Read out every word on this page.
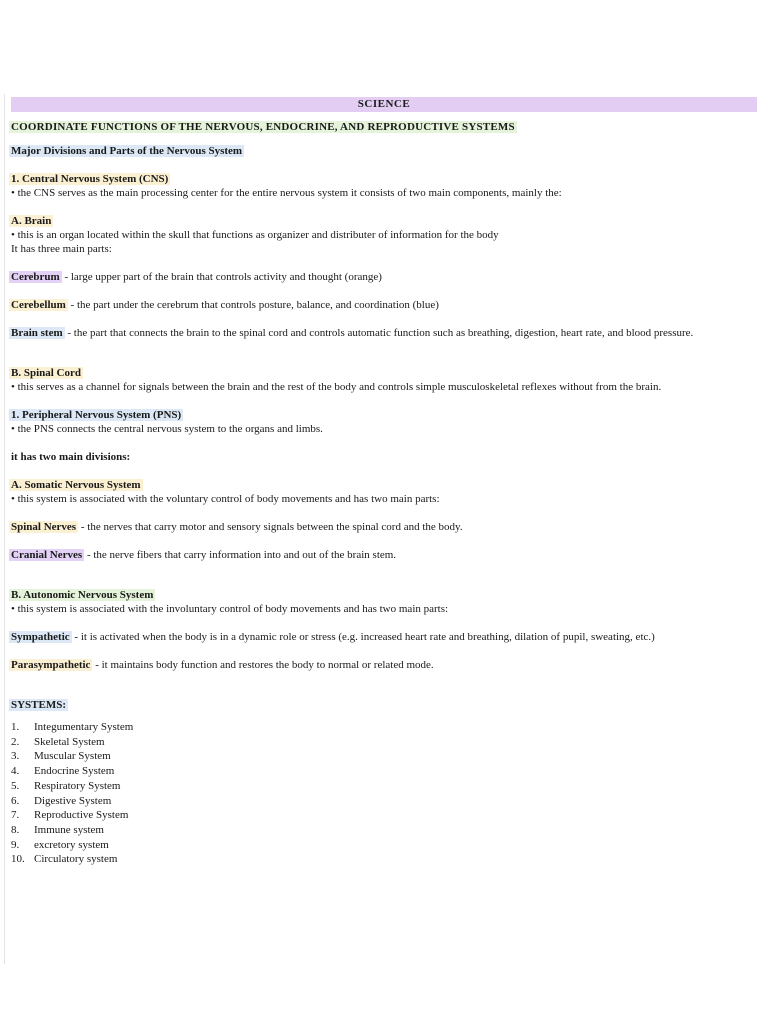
SCIENCE
COORDINATE FUNCTIONS OF THE NERVOUS, ENDOCRINE, AND REPRODUCTIVE SYSTEMS
Major Divisions and Parts of the Nervous System
1. Central Nervous System (CNS)
• the CNS serves as the main processing center for the entire nervous system it consists of two main components, mainly the:
A. Brain
• this is an organ located within the skull that functions as organizer and distributer of information for the body
It has three main parts:
Cerebrum - large upper part of the brain that controls activity and thought (orange)
Cerebellum - the part under the cerebrum that controls posture, balance, and coordination (blue)
Brain stem - the part that connects the brain to the spinal cord and controls automatic function such as breathing, digestion, heart rate, and blood pressure.
B. Spinal Cord
• this serves as a channel for signals between the brain and the rest of the body and controls simple musculoskeletal reflexes without from the brain.
1. Peripheral Nervous System (PNS)
• the PNS connects the central nervous system to the organs and limbs.
it has two main divisions:
A. Somatic Nervous System
• this system is associated with the voluntary control of body movements and has two main parts:
Spinal Nerves - the nerves that carry motor and sensory signals between the spinal cord and the body.
Cranial Nerves - the nerve fibers that carry information into and out of the brain stem.
B. Autonomic Nervous System
• this system is associated with the involuntary control of body movements and has two main parts:
Sympathetic - it is activated when the body is in a dynamic role or stress (e.g. increased heart rate and breathing, dilation of pupil, sweating, etc.)
Parasympathetic - it maintains body function and restores the body to normal or related mode.
SYSTEMS:
1. Integumentary System
2. Skeletal System
3. Muscular System
4. Endocrine System
5. Respiratory System
6. Digestive System
7. Reproductive System
8. Immune system
9. excretory system
10. Circulatory system
